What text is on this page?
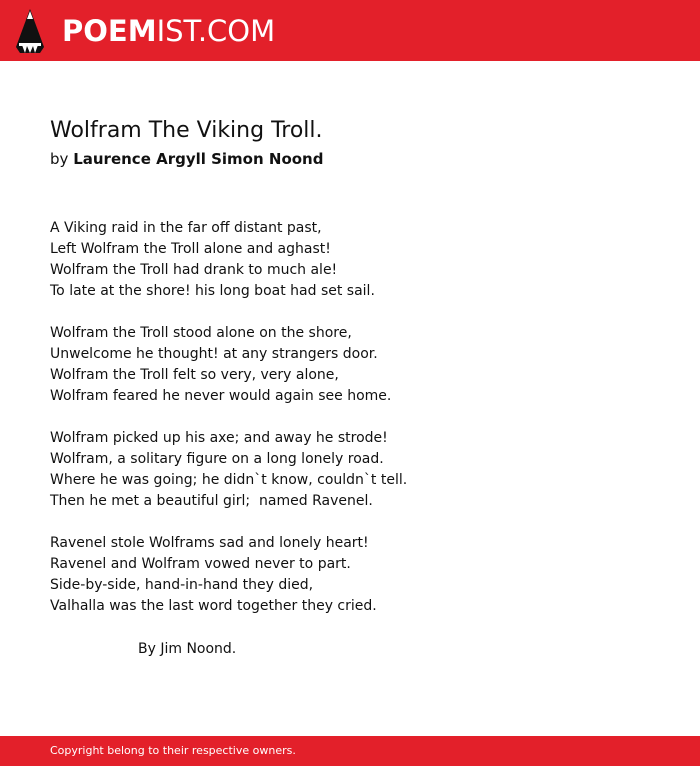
POEMIST.COM
Wolfram The Viking Troll.
by Laurence Argyll Simon Noond
A Viking raid in the far off distant past,
Left Wolfram the Troll alone and aghast!
Wolfram the Troll had drank to much ale!
To late at the shore! his long boat had set sail.
Wolfram the Troll stood alone on the shore,
Unwelcome he thought! at any strangers door.
Wolfram the Troll felt so very, very alone,
Wolfram feared he never would again see home.
Wolfram picked up his axe; and away he strode!
Wolfram, a solitary figure on a long lonely road.
Where he was going; he didn`t know, couldn`t tell.
Then he met a beautiful girl;  named Ravenel.
Ravenel stole Wolframs sad and lonely heart!
Ravenel and Wolfram vowed never to part.
Side-by-side, hand-in-hand they died,
Valhalla was the last word together they cried.
By Jim Noond.
Copyright belong to their respective owners.
